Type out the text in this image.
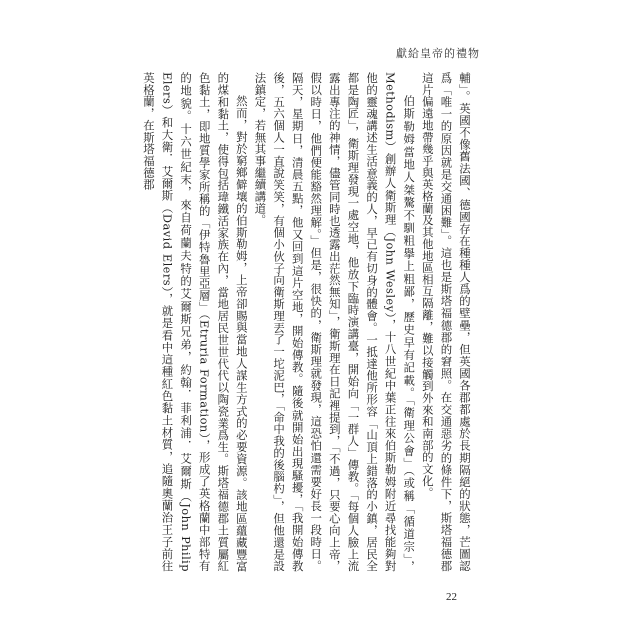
獻給皇帝的禮物

輔」。英國不像舊法國、德國存在種種人爲的壁壘，但英國各郡都處於長期隔絕的狀態，芒圖認爲「唯一的原因就是交通困難」。這也是斯塔福德郡的窘照。在交通惡劣的條件下，斯塔福德郡這片偏遠地帶幾乎與英格蘭及其他地區相互隔離，難以接觸到外來和南部的文化。

伯斯勒姆當地人桀驁不馴粗擧上粗鄙，歷史早有記載。「衛理公會」（或稱「循道宗」，Methodism）創辦人衛斯理（John Wesley），十八世紀中葉正往來伯斯勒姆附近尋找能夠對他的靈魂講述生活意義的人，早已有切身的體會。一抵達他所形容「山頂上錯落的小鎮，居民全都是陶匠」，衛斯理發現一處空地，他放下臨時演講臺，開始向「一群人」傳教。「每個人臉上流露出專注的神情，儘管同時也透露出茫然無知」，衛斯理在日記裡提到，「不過，只要心向上帝，假以時日，他們便能豁然理解。」但是，很快的，衛斯理就發現，這恐怕還需要好長一段時日。隔天，星期日，清晨五點，他又回到這片空地，開始傳教。隨後就開始出現騷擾，「我開始傳教後，五六個人一直說笑笑，有個小伙子向衛斯理丟了一坨泥巴，「命中我的後腦杓」，但他還是設法鎮定，若無其事繼續講道。

然而，對於窮鄉僻壤的伯斯勒姆，上帝卻賜與當地人謀生方式的必要資源。該地區蘊藏豐富的煤和黏土，使得包括瑋鐵活家族在內，當地居民世世代代以陶瓷業爲生。斯塔福德郡土質屬紅色黏土，即地質學家所稱的「伊特魯里亞層」（Etruria Formation），形成了英格蘭中部特有的地貌。十六世紀末，來自荷蘭夫特的艾爾斯兄弟，約翰．菲利浦．艾爾斯（John Philip Elers）和大衛．艾爾斯（David Elers），就是看中這種紅色黏土材質，追隨奧蘭治王子前往英格蘭，在斯塔福德郡

22
